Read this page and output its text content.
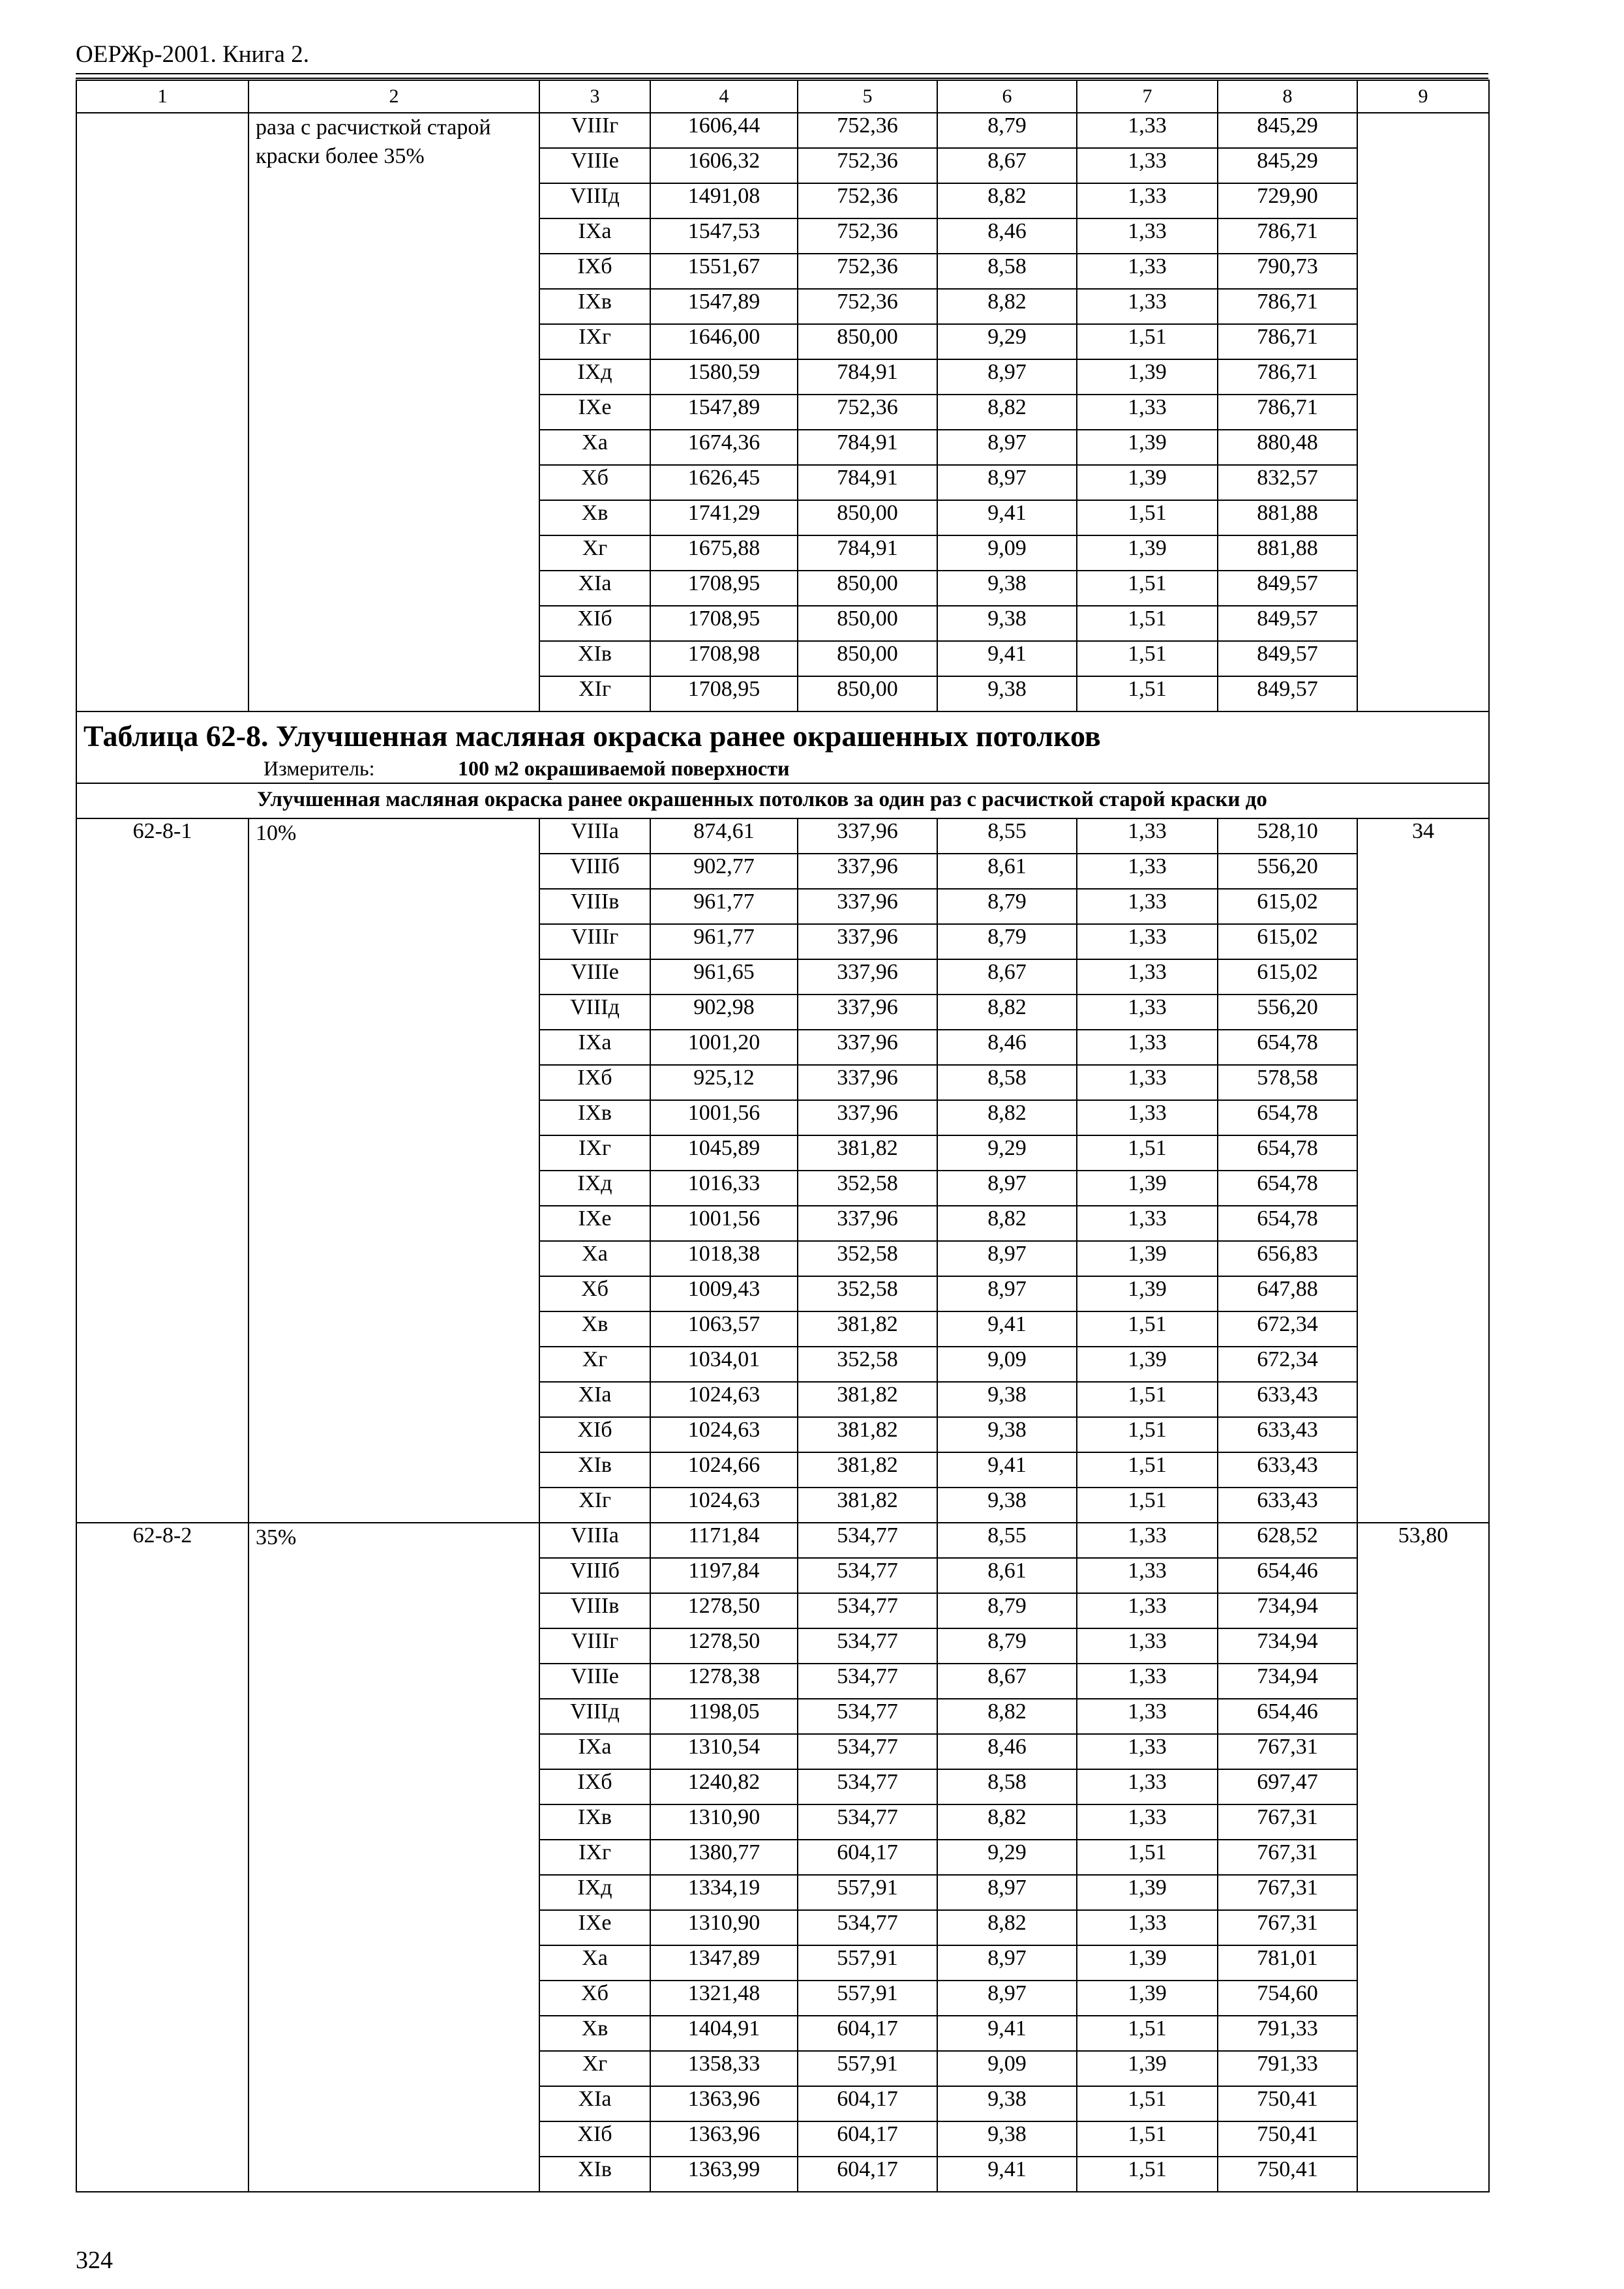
ОЕРЖр-2001. Книга 2.
1	2	3	4	5	6	7	8	9
	раза с расчисткой старой краски более 35%	VIIIг	1606,44	752,36	8,79	1,33	845,29	
		VIIIе	1606,32	752,36	8,67	1,33	845,29	
		VIIIд	1491,08	752,36	8,82	1,33	729,90	
		IXа	1547,53	752,36	8,46	1,33	786,71	
		IXб	1551,67	752,36	8,58	1,33	790,73	
		IXв	1547,89	752,36	8,82	1,33	786,71	
		IXг	1646,00	850,00	9,29	1,51	786,71	
		IXд	1580,59	784,91	8,97	1,39	786,71	
		IXе	1547,89	752,36	8,82	1,33	786,71	
		Xа	1674,36	784,91	8,97	1,39	880,48	
		Xб	1626,45	784,91	8,97	1,39	832,57	
		Xв	1741,29	850,00	9,41	1,51	881,88	
		Xг	1675,88	784,91	9,09	1,39	881,88	
		XIа	1708,95	850,00	9,38	1,51	849,57	
		XIб	1708,95	850,00	9,38	1,51	849,57	
		XIв	1708,98	850,00	9,41	1,51	849,57	
		XIг	1708,95	850,00	9,38	1,51	849,57	

Таблица 62-8. Улучшенная масляная окраска ранее окрашенных потолков
Измеритель: 100 м2 окрашиваемой поверхности								

Улучшенная масляная окраска ранее окрашенных потолков за один раз с расчисткой старой краски до								
62-8-1	10%	VIIIа	874,61	337,96	8,55	1,33	528,10	34
		VIIIб	902,77	337,96	8,61	1,33	556,20	
		VIIIв	961,77	337,96	8,79	1,33	615,02	
		VIIIг	961,77	337,96	8,79	1,33	615,02	
		VIIIе	961,65	337,96	8,67	1,33	615,02	
		VIIIд	902,98	337,96	8,82	1,33	556,20	
		IXа	1001,20	337,96	8,46	1,33	654,78	
		IXб	925,12	337,96	8,58	1,33	578,58	
		IXв	1001,56	337,96	8,82	1,33	654,78	
		IXг	1045,89	381,82	9,29	1,51	654,78	
		IXд	1016,33	352,58	8,97	1,39	654,78	
		IXе	1001,56	337,96	8,82	1,33	654,78	
		Xа	1018,38	352,58	8,97	1,39	656,83	
		Xб	1009,43	352,58	8,97	1,39	647,88	
		Xв	1063,57	381,82	9,41	1,51	672,34	
		Xг	1034,01	352,58	9,09	1,39	672,34	
		XIа	1024,63	381,82	9,38	1,51	633,43	
		XIб	1024,63	381,82	9,38	1,51	633,43	
		XIв	1024,66	381,82	9,41	1,51	633,43	
		XIг	1024,63	381,82	9,38	1,51	633,43	
62-8-2	35%	VIIIа	1171,84	534,77	8,55	1,33	628,52	53,80
		VIIIб	1197,84	534,77	8,61	1,33	654,46	
		VIIIв	1278,50	534,77	8,79	1,33	734,94	
		VIIIг	1278,50	534,77	8,79	1,33	734,94	
		VIIIе	1278,38	534,77	8,67	1,33	734,94	
		VIIIд	1198,05	534,77	8,82	1,33	654,46	
		IXа	1310,54	534,77	8,46	1,33	767,31	
		IXб	1240,82	534,77	8,58	1,33	697,47	
		IXв	1310,90	534,77	8,82	1,33	767,31	
		IXг	1380,77	604,17	9,29	1,51	767,31	
		IXд	1334,19	557,91	8,97	1,39	767,31	
		IXе	1310,90	534,77	8,82	1,33	767,31	
		Xа	1347,89	557,91	8,97	1,39	781,01	
		Xб	1321,48	557,91	8,97	1,39	754,60	
		Xв	1404,91	604,17	9,41	1,51	791,33	
		Xг	1358,33	557,91	9,09	1,39	791,33	
		XIа	1363,96	604,17	9,38	1,51	750,41	
		XIб	1363,96	604,17	9,38	1,51	750,41	
		XIв	1363,99	604,17	9,41	1,51	750,41	
324
